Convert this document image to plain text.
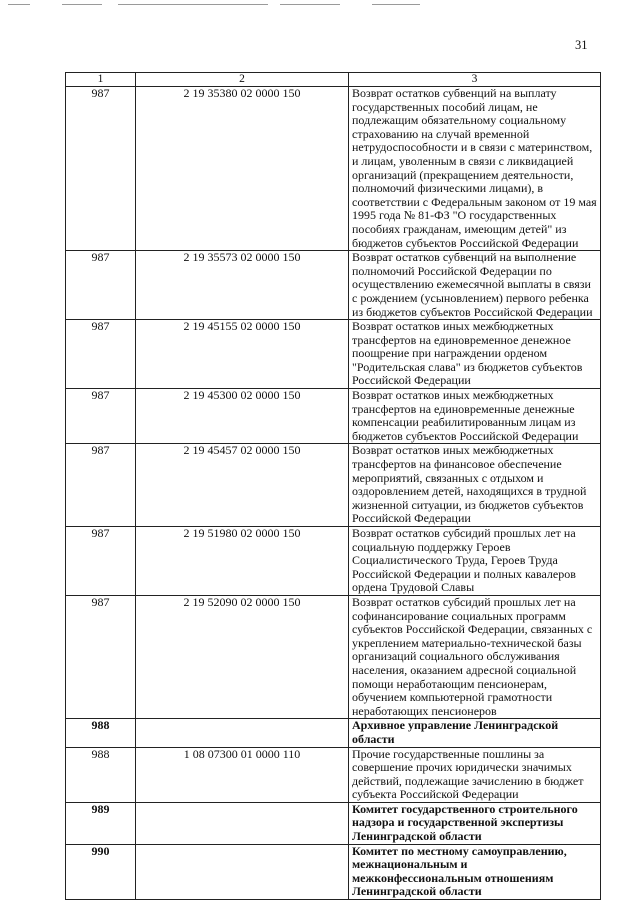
31
1	2	3
987	2 19 35380 02 0000 150	Возврат остатков субвенций на выплату государственных пособий лицам, не подлежащим обязательному социальному страхованию на случай временной нетрудоспособности и в связи с материнством, и лицам, уволенным в связи с ликвидацией организаций (прекращением деятельности, полномочий физическими лицами), в соответствии с Федеральным законом от 19 мая 1995 года № 81-ФЗ "О государственных пособиях гражданам, имеющим детей" из бюджетов субъектов Российской Федерации
987	2 19 35573 02 0000 150	Возврат остатков субвенций на выполнение полномочий Российской Федерации по осуществлению ежемесячной выплаты в связи с рождением (усыновлением) первого ребенка из бюджетов субъектов Российской Федерации
987	2 19 45155 02 0000 150	Возврат остатков иных межбюджетных трансфертов на единовременное денежное поощрение при награждении орденом "Родительская слава" из бюджетов субъектов Российской Федерации
987	2 19 45300 02 0000 150	Возврат остатков иных межбюджетных трансфертов на единовременные денежные компенсации реабилитированным лицам из бюджетов субъектов Российской Федерации
987	2 19 45457 02 0000 150	Возврат остатков иных межбюджетных трансфертов на финансовое обеспечение мероприятий, связанных с отдыхом и оздоровлением детей, находящихся в трудной жизненной ситуации, из бюджетов субъектов Российской Федерации
987	2 19 51980 02 0000 150	Возврат остатков субсидий прошлых лет на социальную поддержку Героев Социалистического Труда, Героев Труда Российской Федерации и полных кавалеров ордена Трудовой Славы
987	2 19 52090 02 0000 150	Возврат остатков субсидий прошлых лет на софинансирование социальных программ субъектов Российской Федерации, связанных с укреплением материально-технической базы организаций социального обслуживания населения, оказанием адресной социальной помощи неработающим пенсионерам, обучением компьютерной грамотности неработающих пенсионеров
988		Архивное управление Ленинградской области
988	1 08 07300 01 0000 110	Прочие государственные пошлины за совершение прочих юридически значимых действий, подлежащие зачислению в бюджет субъекта Российской Федерации
989		Комитет государственного строительного надзора и государственной экспертизы Ленинградской области
990		Комитет по местному самоуправлению, межнациональным и межконфессиональным отношениям Ленинградской области
